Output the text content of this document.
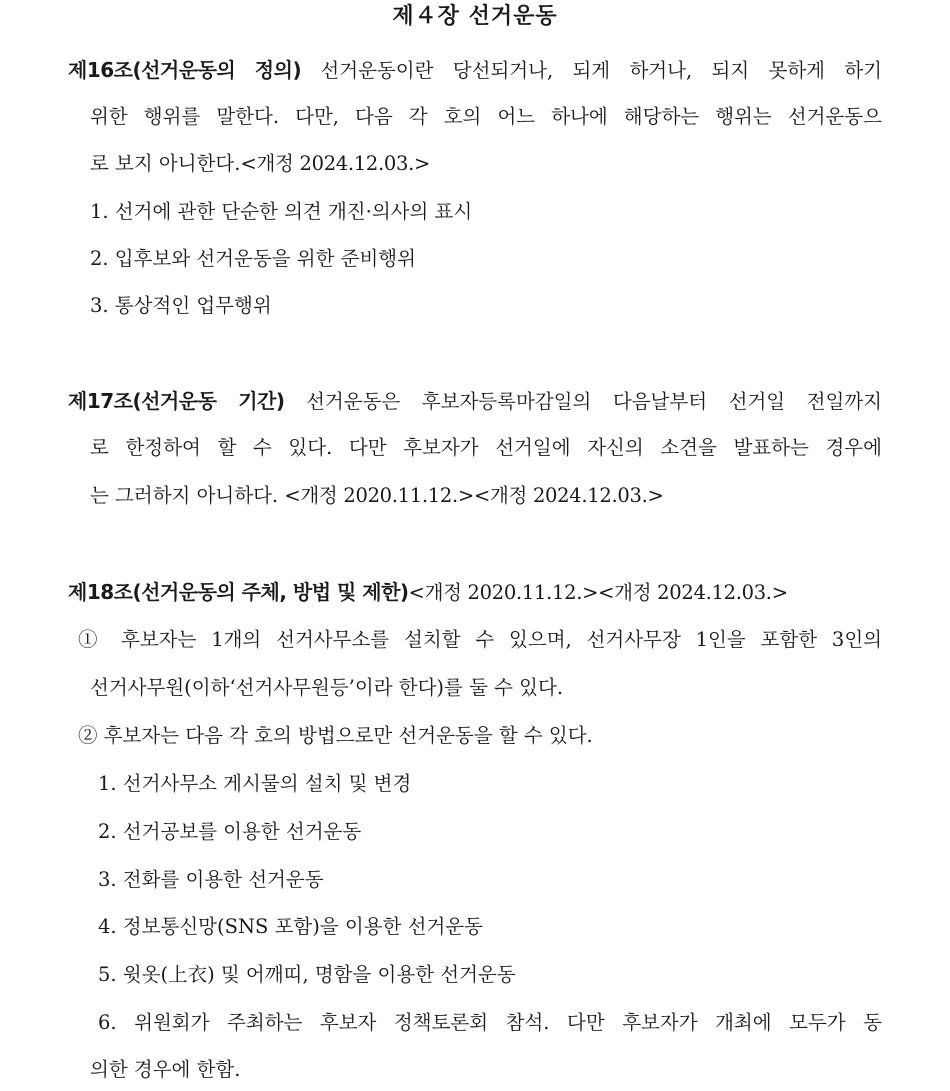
제４장 선거운동
제16조(선거운동의 정의) 선거운동이란 당선되거나, 되게 하거나, 되지 못하게 하기
위한 행위를 말한다. 다만, 다음 각 호의 어느 하나에 해당하는 행위는 선거운동으
로 보지 아니한다.<개정 2024.12.03.>
1. 선거에 관한 단순한 의견 개진·의사의 표시
2. 입후보와 선거운동을 위한 준비행위
3. 통상적인 업무행위
제17조(선거운동 기간) 선거운동은 후보자등록마감일의 다음날부터 선거일 전일까지
로 한정하여 할 수 있다. 다만 후보자가 선거일에 자신의 소견을 발표하는 경우에
는 그러하지 아니하다. <개정 2020.11.12.><개정 2024.12.03.>
제18조(선거운동의 주체, 방법 및 제한)<개정 2020.11.12.><개정 2024.12.03.>
① 후보자는 1개의 선거사무소를 설치할 수 있으며, 선거사무장 1인을 포함한 3인의
선거사무원(이하‘선거사무원등’이라 한다)를 둘 수 있다.
② 후보자는 다음 각 호의 방법으로만 선거운동을 할 수 있다.
1. 선거사무소 게시물의 설치 및 변경
2. 선거공보를 이용한 선거운동
3. 전화를 이용한 선거운동
4. 정보통신망(SNS 포함)을 이용한 선거운동
5. 윗옷(上衣) 및 어깨띠, 명함을 이용한 선거운동
6. 위원회가 주최하는 후보자 정책토론회 참석. 다만 후보자가 개최에 모두가 동
의한 경우에 한함.
